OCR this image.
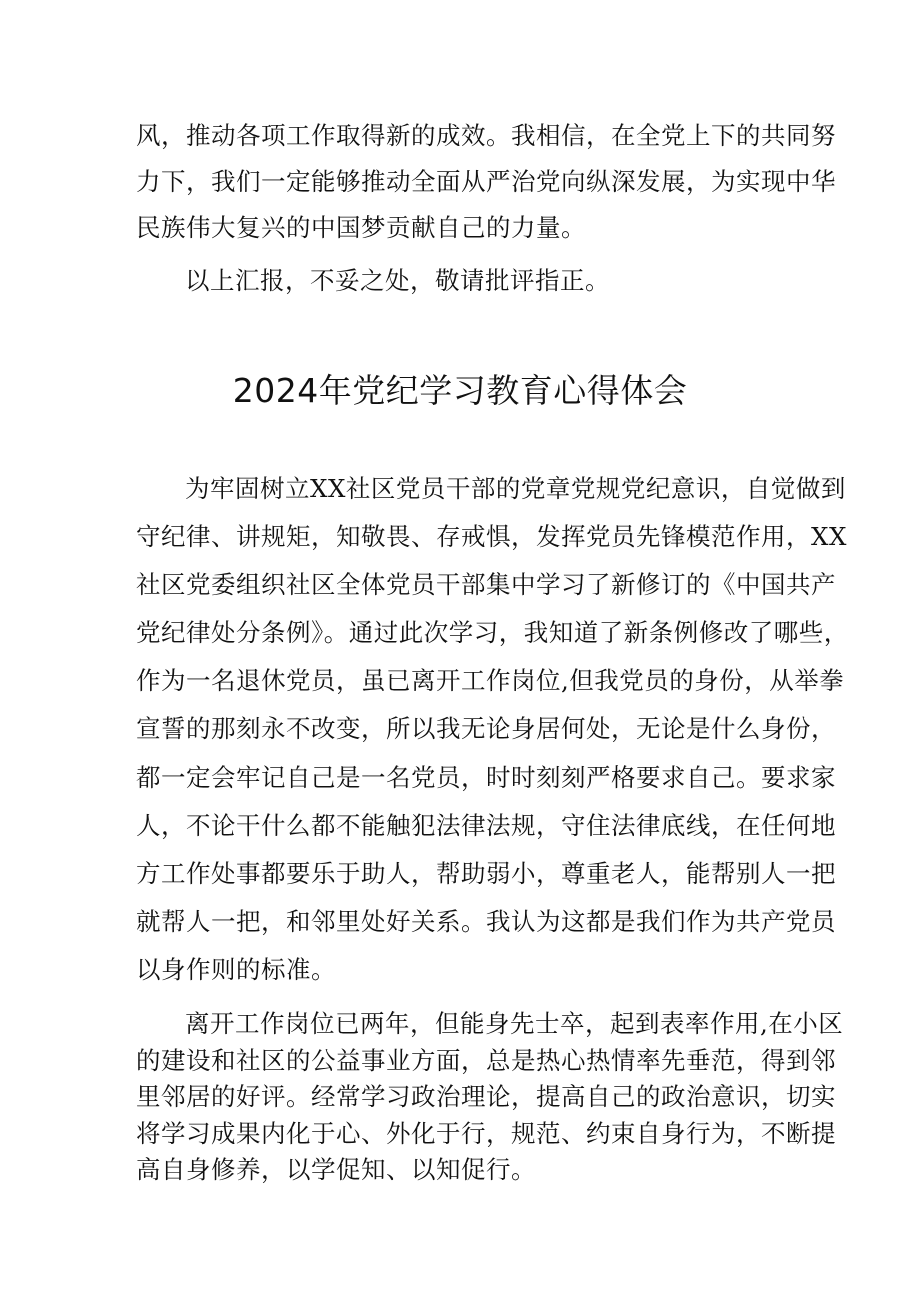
风，推动各项工作取得新的成效。我相信，在全党上下的共同努
力下，我们一定能够推动全面从严治党向纵深发展，为实现中华
民族伟大复兴的中国梦贡献自己的力量。
以上汇报，不妥之处，敬请批评指正。
2024年党纪学习教育心得体会
为牢固树立XX社区党员干部的党章党规党纪意识，自觉做到
守纪律、讲规矩，知敬畏、存戒惧，发挥党员先锋模范作用，XX
社区党委组织社区全体党员干部集中学习了新修订的《中国共产
党纪律处分条例》。通过此次学习，我知道了新条例修改了哪些，
作为一名退休党员，虽已离开工作岗位,但我党员的身份，从举拳
宣誓的那刻永不改变，所以我无论身居何处，无论是什么身份，
都一定会牢记自己是一名党员，时时刻刻严格要求自己。要求家
人，不论干什么都不能触犯法律法规，守住法律底线，在任何地
方工作处事都要乐于助人，帮助弱小，尊重老人，能帮别人一把
就帮人一把，和邻里处好关系。我认为这都是我们作为共产党员
以身作则的标准。
离开工作岗位已两年，但能身先士卒，起到表率作用,在小区
的建设和社区的公益事业方面，总是热心热情率先垂范，得到邻
里邻居的好评。经常学习政治理论，提高自己的政治意识，切实
将学习成果内化于心、外化于行，规范、约束自身行为，不断提
高自身修养，以学促知、以知促行。
